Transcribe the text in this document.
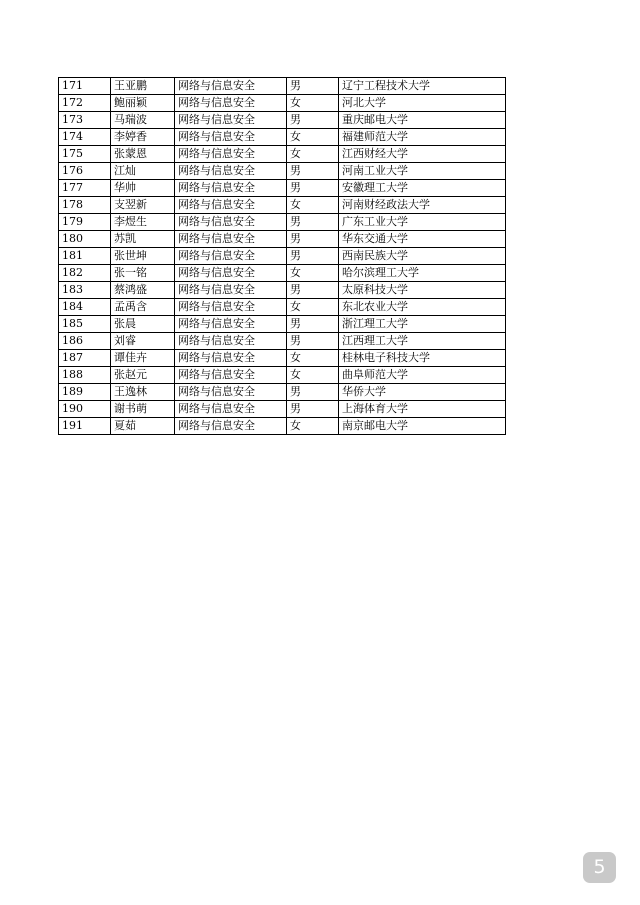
171	王亚鹏	网络与信息安全	男	辽宁工程技术大学
172	鲍丽颖	网络与信息安全	女	河北大学
173	马瑞波	网络与信息安全	男	重庆邮电大学
174	李婷香	网络与信息安全	女	福建师范大学
175	张蒙恩	网络与信息安全	女	江西财经大学
176	江灿	网络与信息安全	男	河南工业大学
177	华帅	网络与信息安全	男	安徽理工大学
178	支翌新	网络与信息安全	女	河南财经政法大学
179	李煜生	网络与信息安全	男	广东工业大学
180	苏凯	网络与信息安全	男	华东交通大学
181	张世坤	网络与信息安全	男	西南民族大学
182	张一铭	网络与信息安全	女	哈尔滨理工大学
183	蔡鸿盛	网络与信息安全	男	太原科技大学
184	孟禹含	网络与信息安全	女	东北农业大学
185	张晨	网络与信息安全	男	浙江理工大学
186	刘睿	网络与信息安全	男	江西理工大学
187	谭佳卉	网络与信息安全	女	桂林电子科技大学
188	张赵元	网络与信息安全	女	曲阜师范大学
189	王逸林	网络与信息安全	男	华侨大学
190	谢书萌	网络与信息安全	男	上海体育大学
191	夏茹	网络与信息安全	女	南京邮电大学
5
